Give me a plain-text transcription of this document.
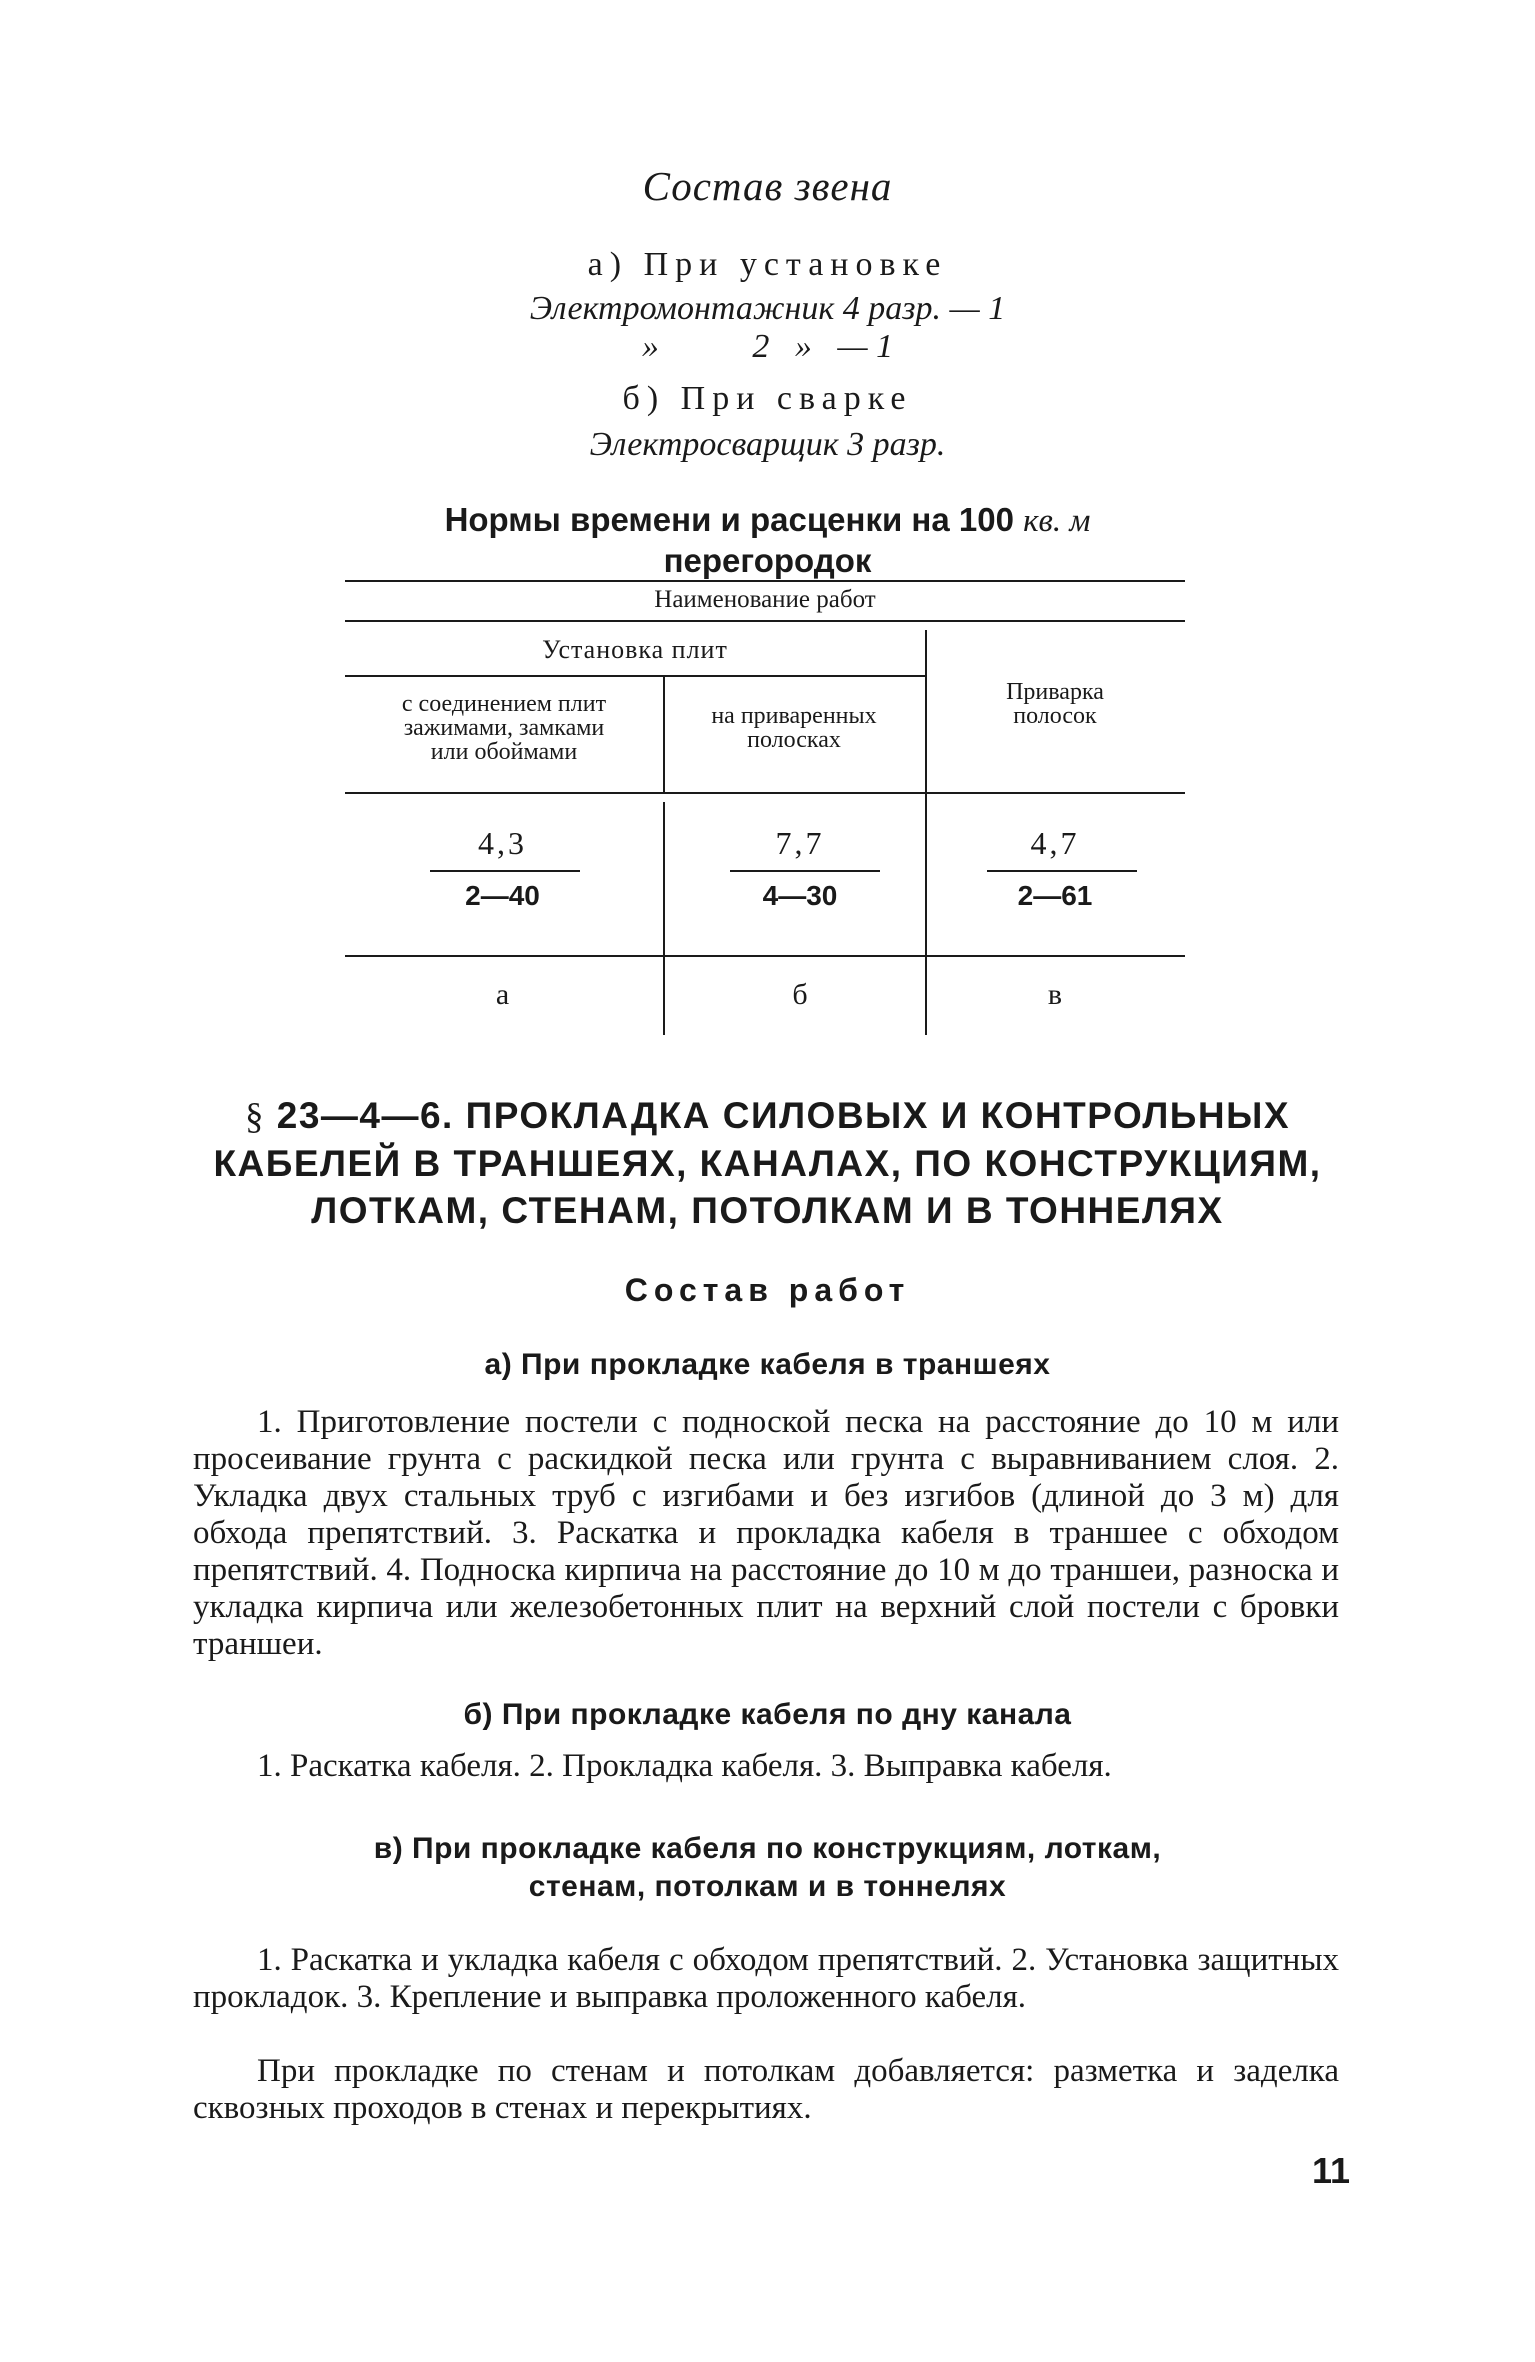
Состав звена
а) При установке
Электромонтажник 4 разр. — 1
»           2   »   — 1
б) При сварке
Электросварщик 3 разр.
Нормы времени и расценки на 100 кв. м
перегородок
Наименование работ
Установка плит
с соединением плит
зажимами, замками
или обоймами
на приваренных
полосках
Приварка
полосок
4,3
2—40
7,7
4—30
4,7
2—61
а	б	в
§ 23—4—6. ПРОКЛАДКА СИЛОВЫХ И КОНТРОЛЬНЫХ
КАБЕЛЕЙ В ТРАНШЕЯХ, КАНАЛАХ, ПО КОНСТРУКЦИЯМ,
ЛОТКАМ, СТЕНАМ, ПОТОЛКАМ И В ТОННЕЛЯХ
Состав работ
а) При прокладке кабеля в траншеях
1. Приготовление постели с подноской песка на расстояние до 10 м или просеивание грунта с раскидкой песка или грунта с выравниванием слоя. 2. Укладка двух стальных труб с изгибами и без изгибов (длиной до 3 м) для обхода препятствий. 3. Раскатка и прокладка кабеля в траншее с обходом препятствий. 4. Подноска кирпича на расстояние до 10 м до траншеи, разноска и укладка кирпича или железобетонных плит на верхний слой постели с бровки траншеи.
б) При прокладке кабеля по дну канала
1. Раскатка кабеля. 2. Прокладка кабеля. 3. Выправка кабеля.
в) При прокладке кабеля по конструкциям, лоткам,
стенам, потолкам и в тоннелях
1. Раскатка и укладка кабеля с обходом препятствий. 2. Установка защитных прокладок. 3. Крепление и выправка проложенного кабеля.
При прокладке по стенам и потолкам добавляется: разметка и заделка сквозных проходов в стенах и перекрытиях.
11
